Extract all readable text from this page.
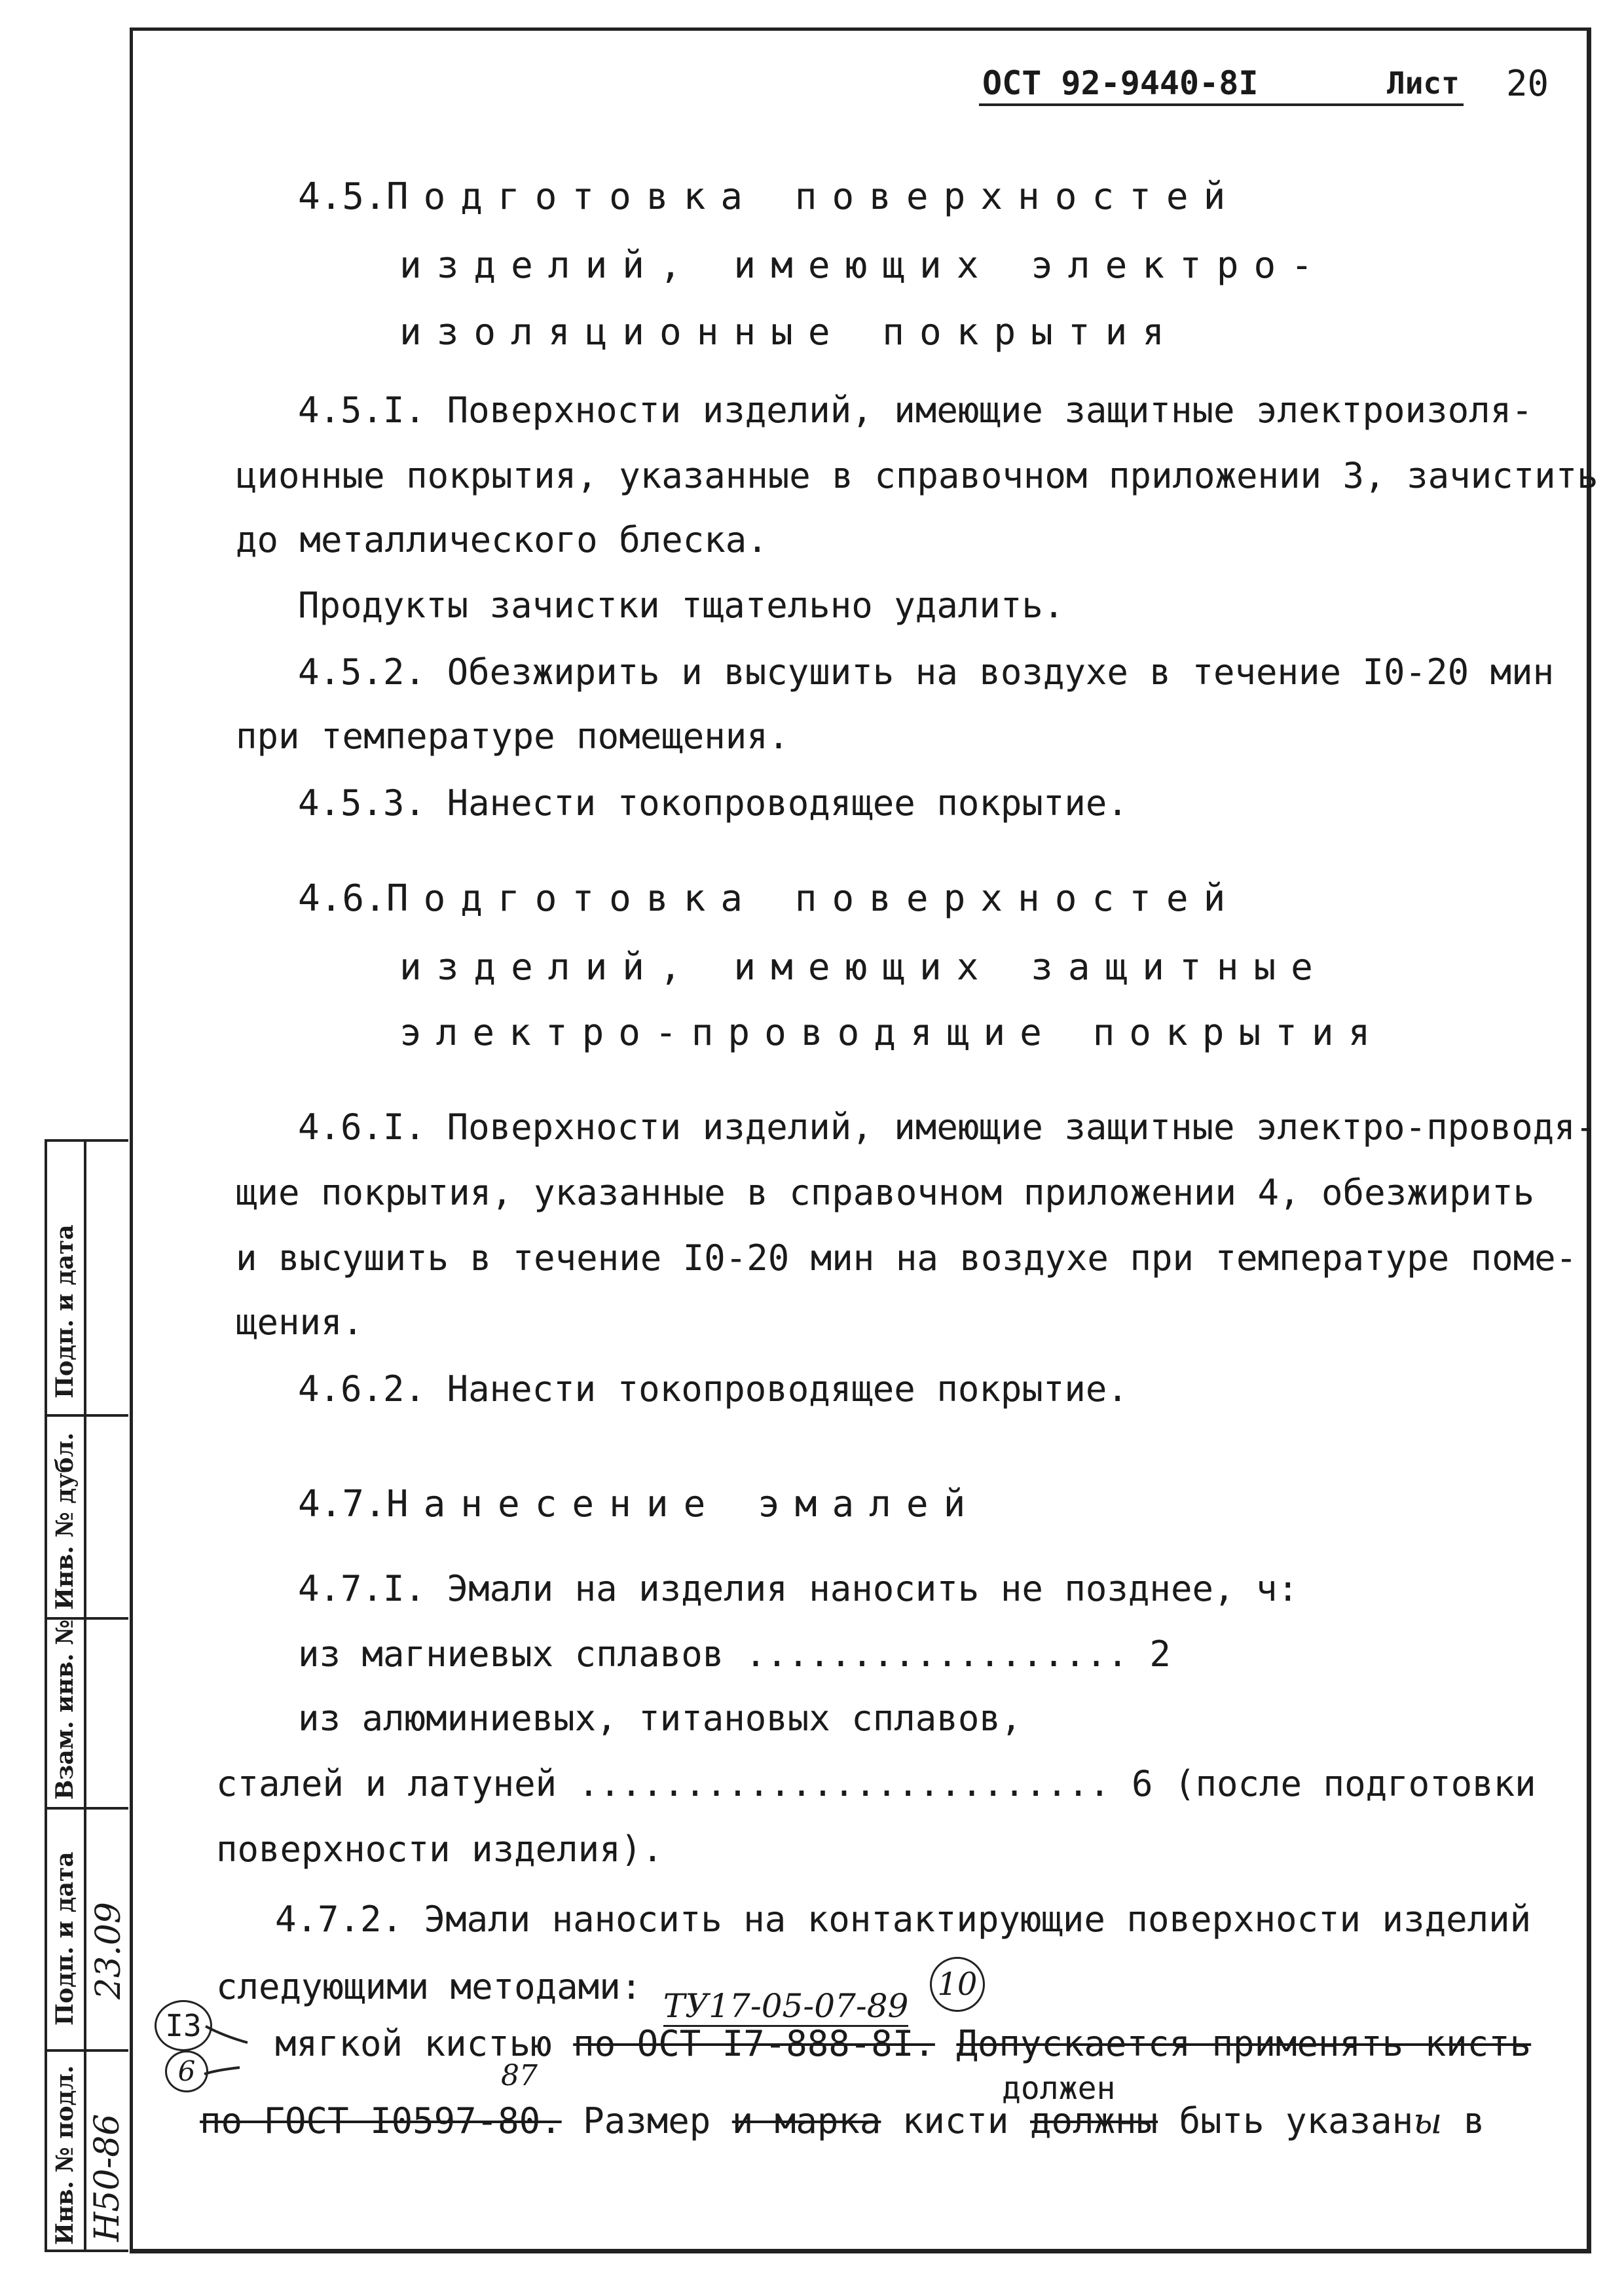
ОСТ 92-9440-8I	Лист 20
4.5.Подготовка поверхностей
изделий, имеющих электро-
изоляционные покрытия
4.5.I. Поверхности изделий, имеющие защитные электроизоля-
ционные покрытия, указанные в справочном приложении 3, зачистить
до металлического блеска.
Продукты зачистки тщательно удалить.
4.5.2. Обезжирить и высушить на воздухе в течение I0-20 мин
при температуре помещения.
4.5.3. Нанести токопроводящее покрытие.
4.6.Подготовка поверхностей
изделий, имеющих защитные
электро-проводящие покрытия
4.6.I. Поверхности изделий, имеющие защитные электро-проводя-
щие покрытия, указанные в справочном приложении 4, обезжирить
и высушить в течение I0-20 мин на воздухе при температуре поме-
щения.
4.6.2. Нанести токопроводящее покрытие.
4.7.Нанесение эмалей
4.7.I. Эмали на изделия наносить не позднее, ч:
из магниевых сплавов .................. 2
из алюминиевых, титановых сплавов,
сталей и латуней ......................... 6 (после подготовки
поверхности изделия).
4.7.2. Эмали наносить на контактирующие поверхности изделий
следующими методами: ТУ17-05-07-89 10
I3	мягкой кистью по ОСТ I7-888-8I. Допускается применять кисть
6	87	должен
по ГОСТ I0597-80. Размер и марка кисти должны быть указаны в
Подп. и дата
Инв. № дубл.
Взам. инв. №
Подп. и дата 23.09
Инв. № подл. Н50-86
